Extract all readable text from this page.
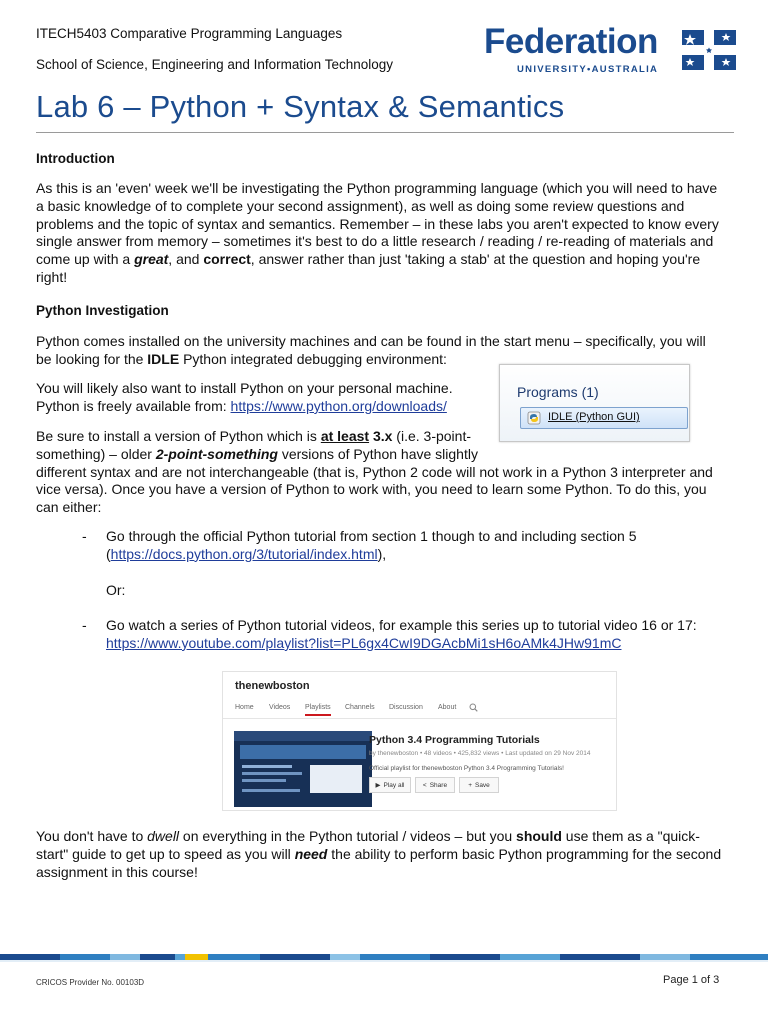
ITECH5403 Comparative Programming Languages
School of Science, Engineering and Information Technology
Federation
UNIVERSITY•AUSTRALIA
Lab 6 – Python + Syntax & Semantics
Introduction
As this is an 'even' week we'll be investigating the Python programming language (which you will need to have
a basic knowledge of to complete your second assignment), as well as doing some review questions and
problems and the topic of syntax and semantics. Remember – in these labs you aren't expected to know every
single answer from memory – sometimes it's best to do a little research / reading / re-reading of materials and
come up with a great, and correct, answer rather than just 'taking a stab' at the question and hoping you're
right!
Python Investigation
Python comes installed on the university machines and can be found in the start menu – specifically, you will
be looking for the IDLE Python integrated debugging environment:
You will likely also want to install Python on your personal machine.
Python is freely available from: https://www.python.org/downloads/
Be sure to install a version of Python which is at least 3.x (i.e. 3-point-
something) – older 2-point-something versions of Python have slightly
different syntax and are not interchangeable (that is, Python 2 code will not work in a Python 3 interpreter and
vice versa). Once you have a version of Python to work with, you need to learn some Python. To do this, you
can either:
Programs (1)
IDLE (Python GUI)
- Go through the official Python tutorial from section 1 though to and including section 5
(https://docs.python.org/3/tutorial/index.html),
Or:
- Go watch a series of Python tutorial videos, for example this series up to tutorial video 16 or 17:
https://www.youtube.com/playlist?list=PL6gx4CwI9DGAcbMi1sH6oAMk4JHw91mC
thenewboston
Home Videos Playlists Channels Discussion About
Python 3.4 Programming Tutorials
by thenewboston • 48 videos • 425,832 views • Last updated on 29 Nov 2014
Official playlist for thenewboston Python 3.4 Programming Tutorials!
▶ Play all	< Share	+ Save
You don't have to dwell on everything in the Python tutorial / videos – but you should use them as a "quick-
start" guide to get up to speed as you will need the ability to perform basic Python programming for the second
assignment in this course!
CRICOS Provider No. 00103D	Page 1 of 3
